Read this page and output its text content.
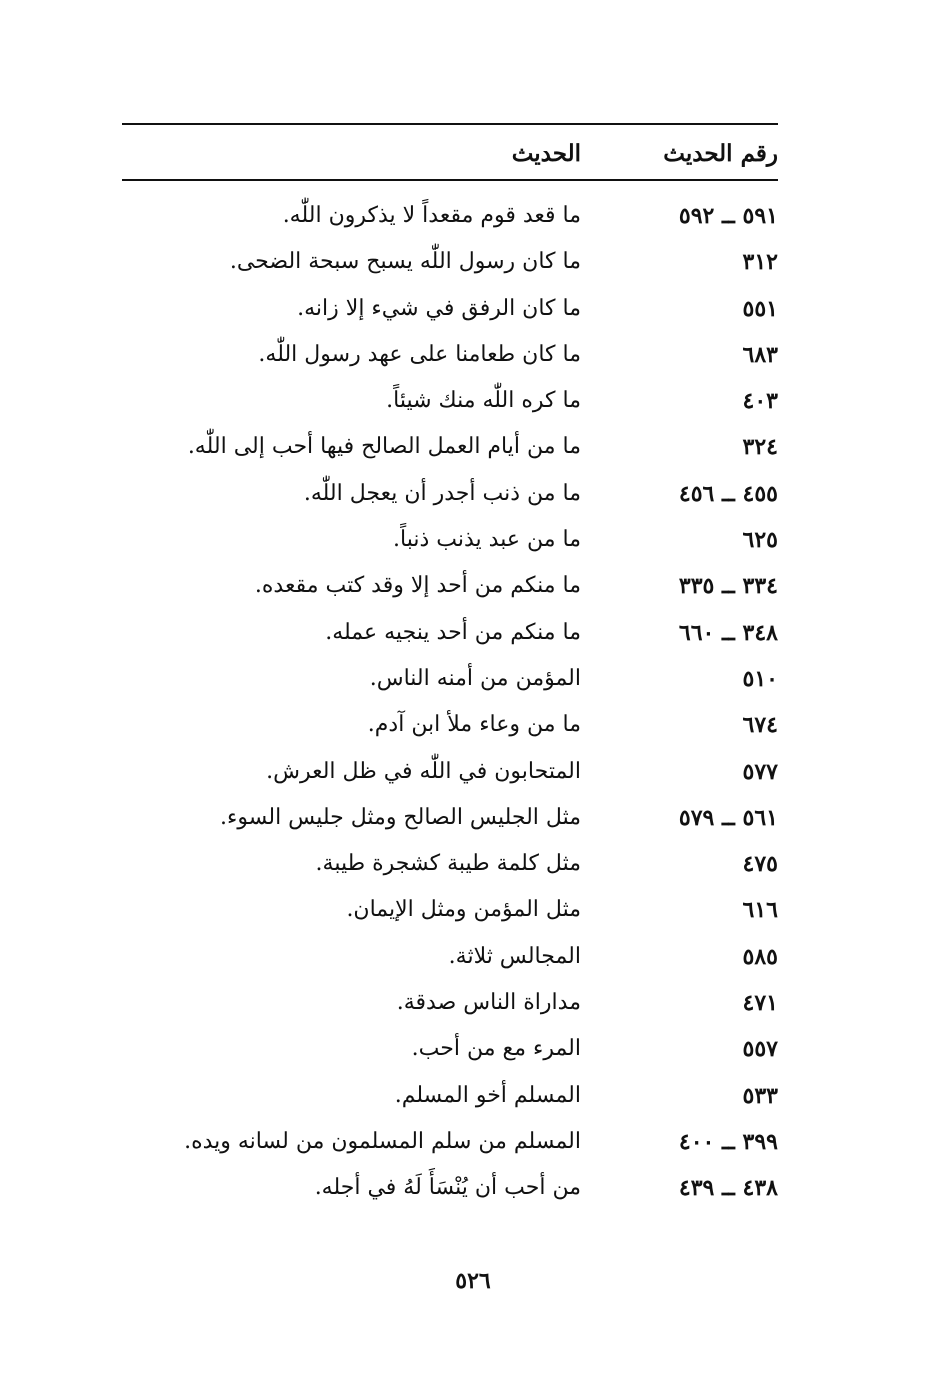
رقم الحديث
الحديث
٥٩١ ــ ٥٩٢
ما قعد قوم مقعداً لا يذكرون اللّٰه.
٣١٢
ما كان رسول اللّٰه يسبح سبحة الضحى.
٥٥١
ما كان الرفق في شيء إلا زانه.
٦٨٣
ما كان طعامنا على عهد رسول اللّٰه.
٤٠٣
ما كره اللّٰه منك شيئاً.
٣٢٤
ما من أيام العمل الصالح فيها أحب إلى اللّٰه.
٤٥٥ ــ ٤٥٦
ما من ذنب أجدر أن يعجل اللّٰه.
٦٢٥
ما من عبد يذنب ذنباً.
٣٣٤ ــ ٣٣٥
ما منكم من أحد إلا وقد كتب مقعده.
٣٤٨ ــ ٦٦٠
ما منكم من أحد ينجيه عمله.
٥١٠
المؤمن من أمنه الناس.
٦٧٤
ما من وعاء ملأ ابن آدم.
٥٧٧
المتحابون في اللّٰه في ظل العرش.
٥٦١ ــ ٥٧٩
مثل الجليس الصالح ومثل جليس السوء.
٤٧٥
مثل كلمة طيبة كشجرة طيبة.
٦١٦
مثل المؤمن ومثل الإيمان.
٥٨٥
المجالس ثلاثة.
٤٧١
مداراة الناس صدقة.
٥٥٧
المرء مع من أحب.
٥٣٣
المسلم أخو المسلم.
٣٩٩ ــ ٤٠٠
المسلم من سلم المسلمون من لسانه ويده.
٤٣٨ ــ ٤٣٩
من أحب أن يُنْسَأَ لَهُ في أجله.
٥٢٦
